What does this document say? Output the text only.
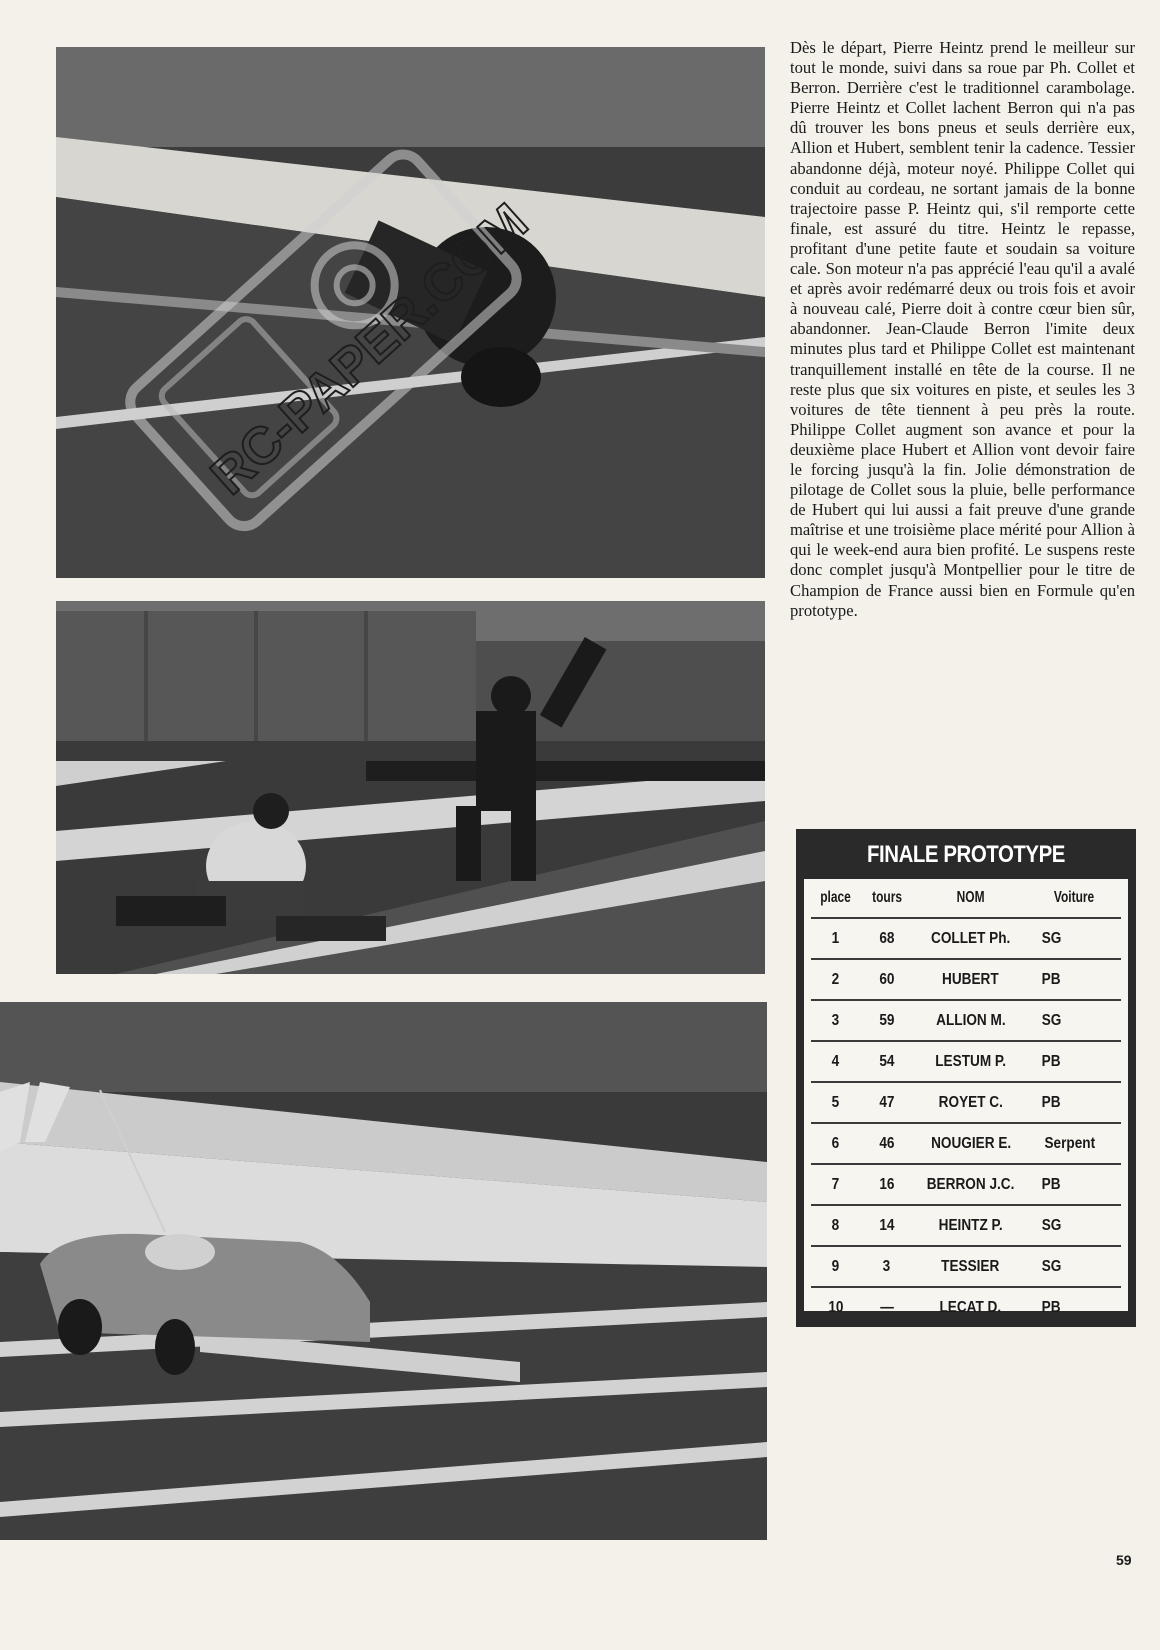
RC-PAPER.COM

Dès le départ, Pierre Heintz prend le meilleur sur tout le monde, suivi dans sa roue par Ph. Collet et Berron. Derrière c'est le traditionnel carambolage. Pierre Heintz et Collet lachent Berron qui n'a pas dû trouver les bons pneus et seuls derrière eux, Allion et Hubert, semblent tenir la cadence. Tessier abandonne déjà, moteur noyé. Philippe Collet qui conduit au cordeau, ne sortant jamais de la bonne trajectoire passe P. Heintz qui, s'il remporte cette finale, est assuré du titre. Heintz le repasse, profitant d'une petite faute et soudain sa voiture cale. Son moteur n'a pas apprécié l'eau qu'il a avalé et après avoir redémarré deux ou trois fois et avoir à nouveau calé, Pierre doit à contre cœur bien sûr, abandonner. Jean-Claude Berron l'imite deux minutes plus tard et Philippe Collet est maintenant tranquillement installé en tête de la course. Il ne reste plus que six voitures en piste, et seules les 3 voitures de tête tiennent à peu près la route. Philippe Collet augment son avance et pour la deuxième place Hubert et Allion vont devoir faire le forcing jusqu'à la fin. Jolie démonstration de pilotage de Collet sous la pluie, belle performance de Hubert qui lui aussi a fait preuve d'une grande maîtrise et une troisième place mérité pour Allion à qui le week-end aura bien profité. Le suspens reste donc complet jusqu'à Montpellier pour le titre de Champion de France aussi bien en Formule qu'en prototype.

FINALE PROTOTYPE
place	tours	NOM	Voiture
1	68	COLLET Ph.	SG
2	60	HUBERT	PB
3	59	ALLION M.	SG
4	54	LESTUM P.	PB
5	47	ROYET C.	PB
6	46	NOUGIER E.	Serpent
7	16	BERRON J.C.	PB
8	14	HEINTZ P.	SG
9	3	TESSIER	SG
10	—	LECAT D.	PB
59
